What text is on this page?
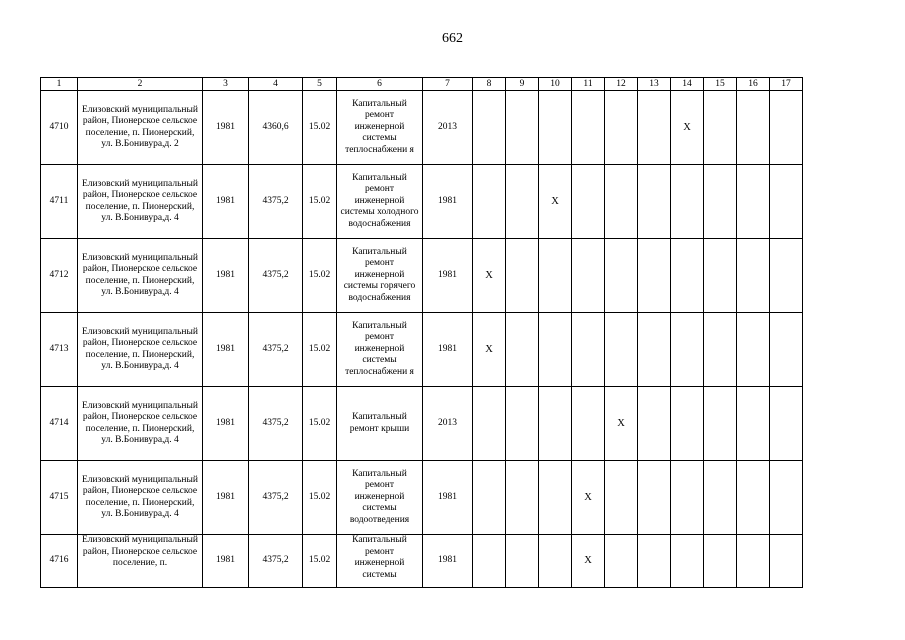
662
1	2	3	4	5	6	7	8	9	10	11	12	13	14	15	16	17
4710	Елизовский муниципальный район, Пионерское сельское поселение, п. Пионерский, ул. В.Бонивура,д. 2	1981	4360,6	15.02	Капитальный ремонт инженерной системы теплоснабжени я	2013							X			
4711	Елизовский муниципальный район, Пионерское сельское поселение, п. Пионерский, ул. В.Бонивура,д. 4	1981	4375,2	15.02	Капитальный ремонт инженерной системы холодного водоснабжения	1981			X							
4712	Елизовский муниципальный район, Пионерское сельское поселение, п. Пионерский, ул. В.Бонивура,д. 4	1981	4375,2	15.02	Капитальный ремонт инженерной системы горячего водоснабжения	1981	X									
4713	Елизовский муниципальный район, Пионерское сельское поселение, п. Пионерский, ул. В.Бонивура,д. 4	1981	4375,2	15.02	Капитальный ремонт инженерной системы теплоснабжени я	1981	X									
4714	Елизовский муниципальный район, Пионерское сельское поселение, п. Пионерский, ул. В.Бонивура,д. 4	1981	4375,2	15.02	Капитальный ремонт крыши	2013					X					
4715	Елизовский муниципальный район, Пионерское сельское поселение, п. Пионерский, ул. В.Бонивура,д. 4	1981	4375,2	15.02	Капитальный ремонт инженерной системы водоотведения	1981				X						
4716	Елизовский муниципальный район, Пионерское сельское поселение, п.	1981	4375,2	15.02	Капитальный ремонт инженерной системы	1981				X						
